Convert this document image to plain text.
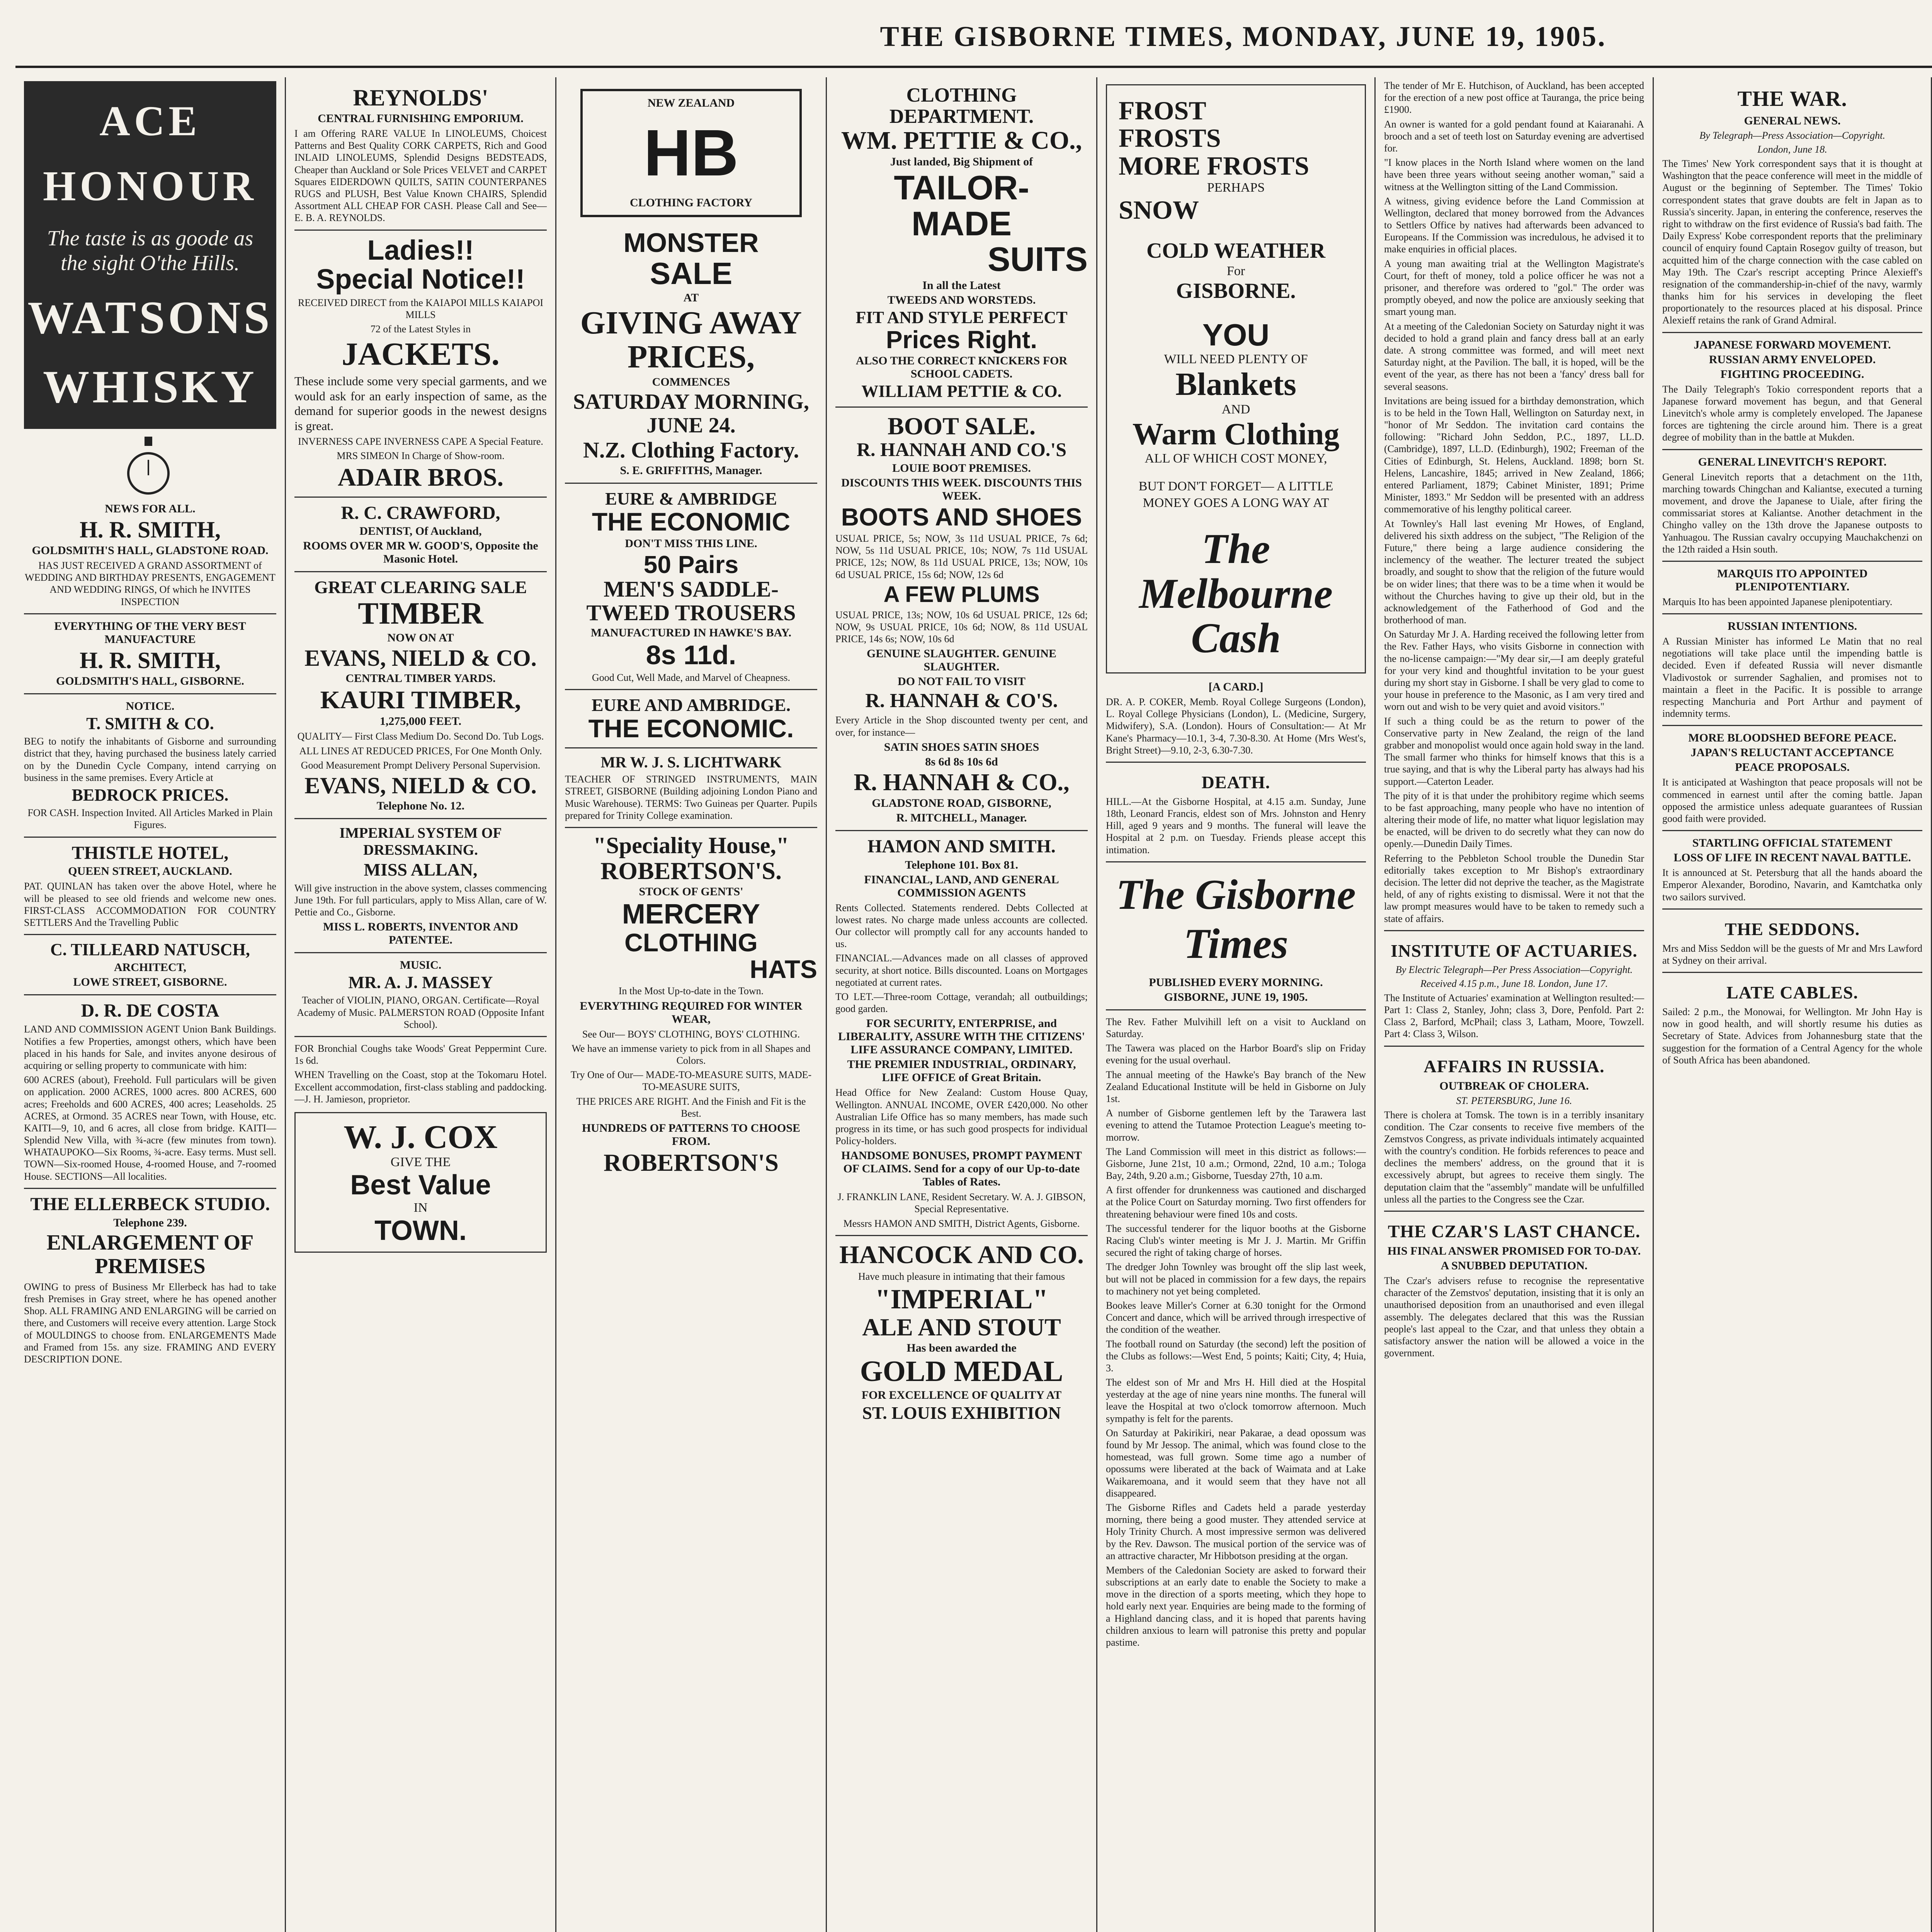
THE GISBORNE TIMES, MONDAY, JUNE 19, 1905.
ACE
HONOUR
The taste is as goode as the sight O'the Hills.
WATSONS
WHISKY
NEWS FOR ALL.
H. R. SMITH,
GOLDSMITH'S HALL, GLADSTONE ROAD.
HAS JUST RECEIVED A GRAND ASSORTMENT of WEDDING AND BIRTHDAY PRESENTS, ENGAGEMENT AND WEDDING RINGS, Of which he INVITES INSPECTION
EVERYTHING OF THE VERY BEST MANUFACTURE
H. R. SMITH,
GOLDSMITH'S HALL, GISBORNE.
NOTICE.
T. SMITH & CO.
BEG to notify the inhabitants of Gisborne and surrounding district that they, having purchased the business lately carried on by the Dunedin Cycle Company, intend carrying on business in the same premises. Every Article at
BEDROCK PRICES.
FOR CASH. Inspection Invited. All Articles Marked in Plain Figures.
THISTLE HOTEL,
QUEEN STREET, AUCKLAND.
PAT. QUINLAN has taken over the above Hotel, where he will be pleased to see old friends and welcome new ones. FIRST-CLASS ACCOMMODATION FOR COUNTRY SETTLERS And the Travelling Public
C. TILLEARD NATUSCH,
ARCHITECT,
LOWE STREET, GISBORNE.
D. R. DE COSTA
LAND AND COMMISSION AGENT Union Bank Buildings. Notifies a few Properties, amongst others, which have been placed in his hands for Sale, and invites anyone desirous of acquiring or selling property to communicate with him:
600 ACRES (about), Freehold. Full particulars will be given on application. 2000 ACRES, 1000 acres. 800 ACRES, 600 acres; Freeholds and 600 ACRES, 400 acres; Leaseholds. 25 ACRES, at Ormond. 35 ACRES near Town, with House, etc. KAITI—9, 10, and 6 acres, all close from bridge. KAITI—Splendid New Villa, with ¾-acre (few minutes from town). WHATAUPOKO—Six Rooms, ¾-acre. Easy terms. Must sell. TOWN—Six-roomed House, 4-roomed House, and 7-roomed House. SECTIONS—All localities.
THE ELLERBECK STUDIO.
Telephone 239.
ENLARGEMENT OF PREMISES
OWING to press of Business Mr Ellerbeck has had to take fresh Premises in Gray street, where he has opened another Shop. ALL FRAMING AND ENLARGING will be carried on there, and Customers will receive every attention. Large Stock of MOULDINGS to choose from. ENLARGEMENTS Made and Framed from 15s. any size. FRAMING AND EVERY DESCRIPTION DONE.
REYNOLDS'
CENTRAL FURNISHING EMPORIUM.
I am Offering RARE VALUE In LINOLEUMS, Choicest Patterns and Best Quality CORK CARPETS, Rich and Good INLAID LINOLEUMS, Splendid Designs BEDSTEADS, Cheaper than Auckland or Sole Prices VELVET and CARPET Squares EIDERDOWN QUILTS, SATIN COUNTERPANES RUGS and PLUSH, Best Value Known CHAIRS, Splendid Assortment ALL CHEAP FOR CASH. Please Call and See— E. B. A. REYNOLDS.
Ladies!!
Special Notice!!
RECEIVED DIRECT from the KAIAPOI MILLS KAIAPOI MILLS
72 of the Latest Styles in
JACKETS.
These include some very special garments, and we would ask for an early inspection of same, as the demand for superior goods in the newest designs is great.
INVERNESS CAPE INVERNESS CAPE A Special Feature.
MRS SIMEON In Charge of Show-room.
ADAIR BROS.
R. C. CRAWFORD,
DENTIST, Of Auckland,
ROOMS OVER MR W. GOOD'S, Opposite the Masonic Hotel.
GREAT CLEARING SALE
TIMBER
NOW ON AT
EVANS, NIELD & CO.
CENTRAL TIMBER YARDS.
KAURI TIMBER,
1,275,000 FEET.
QUALITY— First Class Medium Do. Second Do. Tub Logs.
ALL LINES AT REDUCED PRICES, For One Month Only.
Good Measurement Prompt Delivery Personal Supervision.
EVANS, NIELD & CO.
Telephone No. 12.
IMPERIAL SYSTEM OF DRESSMAKING.
MISS ALLAN,
Will give instruction in the above system, classes commencing June 19th. For full particulars, apply to Miss Allan, care of W. Pettie and Co., Gisborne.
MISS L. ROBERTS, INVENTOR AND PATENTEE.
MUSIC.
MR. A. J. MASSEY
Teacher of VIOLIN, PIANO, ORGAN. Certificate—Royal Academy of Music. PALMERSTON ROAD (Opposite Infant School).
FOR Bronchial Coughs take Woods' Great Peppermint Cure. 1s 6d.
WHEN Travelling on the Coast, stop at the Tokomaru Hotel. Excellent accommodation, first-class stabling and paddocking.—J. H. Jamieson, proprietor.
W. J. COX
GIVE THE
Best Value
IN
TOWN.
NEW ZEALAND
HB
CLOTHING FACTORY
MONSTER
SALE
AT
GIVING AWAY
PRICES,
COMMENCES
SATURDAY MORNING,
JUNE 24.
N.Z. Clothing Factory.
S. E. GRIFFITHS, Manager.
EURE & AMBRIDGE
THE ECONOMIC
DON'T MISS THIS LINE.
50 Pairs
MEN'S SADDLE-
TWEED TROUSERS
MANUFACTURED IN HAWKE'S BAY.
8s 11d.
Good Cut, Well Made, and Marvel of Cheapness.
EURE AND AMBRIDGE.
THE ECONOMIC.
MR W. J. S. LICHTWARK
TEACHER OF STRINGED INSTRUMENTS, MAIN STREET, GISBORNE (Building adjoining London Piano and Music Warehouse). TERMS: Two Guineas per Quarter. Pupils prepared for Trinity College examination.
"Speciality House,"
ROBERTSON'S.
STOCK OF GENTS'
MERCERY
CLOTHING
HATS
In the Most Up-to-date in the Town.
EVERYTHING REQUIRED FOR WINTER WEAR,
See Our— BOYS' CLOTHING, BOYS' CLOTHING.
We have an immense variety to pick from in all Shapes and Colors.
Try One of Our— MADE-TO-MEASURE SUITS, MADE-TO-MEASURE SUITS,
THE PRICES ARE RIGHT. And the Finish and Fit is the Best.
HUNDREDS OF PATTERNS TO CHOOSE FROM.
ROBERTSON'S
CLOTHING DEPARTMENT.
WM. PETTIE & CO.,
Just landed, Big Shipment of
TAILOR-
MADE
SUITS
In all the Latest
TWEEDS AND WORSTEDS.
FIT AND STYLE PERFECT
Prices Right.
ALSO THE CORRECT KNICKERS FOR SCHOOL CADETS.
WILLIAM PETTIE & CO.
BOOT SALE.
R. HANNAH AND CO.'S
LOUIE BOOT PREMISES.
DISCOUNTS THIS WEEK. DISCOUNTS THIS WEEK.
BOOTS AND SHOES
USUAL PRICE, 5s; NOW, 3s 11d USUAL PRICE, 7s 6d; NOW, 5s 11d USUAL PRICE, 10s; NOW, 7s 11d USUAL PRICE, 12s; NOW, 8s 11d USUAL PRICE, 13s; NOW, 10s 6d USUAL PRICE, 15s 6d; NOW, 12s 6d
A FEW PLUMS
USUAL PRICE, 13s; NOW, 10s 6d USUAL PRICE, 12s 6d; NOW, 9s USUAL PRICE, 10s 6d; NOW, 8s 11d USUAL PRICE, 14s 6s; NOW, 10s 6d
GENUINE SLAUGHTER. GENUINE SLAUGHTER.
DO NOT FAIL TO VISIT
R. HANNAH & CO'S.
Every Article in the Shop discounted twenty per cent, and over, for instance—
SATIN SHOES SATIN SHOES
8s 6d 8s 10s 6d
R. HANNAH & CO.,
GLADSTONE ROAD, GISBORNE,
R. MITCHELL, Manager.
HAMON AND SMITH.
Telephone 101. Box 81.
FINANCIAL, LAND, AND GENERAL COMMISSION AGENTS
Rents Collected. Statements rendered. Debts Collected at lowest rates. No charge made unless accounts are collected. Our collector will promptly call for any accounts handed to us.
FINANCIAL.—Advances made on all classes of approved security, at short notice. Bills discounted. Loans on Mortgages negotiated at current rates.
TO LET.—Three-room Cottage, verandah; all outbuildings; good garden.
FOR SECURITY, ENTERPRISE, and LIBERALITY, ASSURE WITH THE CITIZENS' LIFE ASSURANCE COMPANY, LIMITED.
THE PREMIER INDUSTRIAL, ORDINARY, LIFE OFFICE of Great Britain.
Head Office for New Zealand: Custom House Quay, Wellington. ANNUAL INCOME, OVER £420,000. No other Australian Life Office has so many members, has made such progress in its time, or has such good prospects for individual Policy-holders.
HANDSOME BONUSES, PROMPT PAYMENT OF CLAIMS. Send for a copy of our Up-to-date Tables of Rates.
J. FRANKLIN LANE, Resident Secretary. W. A. J. GIBSON, Special Representative.
Messrs HAMON AND SMITH, District Agents, Gisborne.
HANCOCK AND CO.
Have much pleasure in intimating that their famous
"IMPERIAL"
ALE AND STOUT
Has been awarded the
GOLD MEDAL
FOR EXCELLENCE OF QUALITY AT
ST. LOUIS EXHIBITION
FROST
FROSTS
MORE FROSTS
PERHAPS
SNOW
COLD WEATHER
For
GISBORNE.
YOU
WILL NEED PLENTY OF
Blankets
AND
Warm Clothing
ALL OF WHICH COST MONEY,
BUT DON'T FORGET— A LITTLE MONEY GOES A LONG WAY AT
The
Melbourne
Cash
[A CARD.]
DR. A. P. COKER, Memb. Royal College Surgeons (London), L. Royal College Physicians (London), L. (Medicine, Surgery, Midwifery), S.A. (London). Hours of Consultation:— At Mr Kane's Pharmacy—10.1, 3-4, 7.30-8.30. At Home (Mrs West's, Bright Street)—9.10, 2-3, 6.30-7.30.
DEATH.
HILL.—At the Gisborne Hospital, at 4.15 a.m. Sunday, June 18th, Leonard Francis, eldest son of Mrs. Johnston and Henry Hill, aged 9 years and 9 months. The funeral will leave the Hospital at 2 p.m. on Tuesday. Friends please accept this intimation.
The Gisborne Times
PUBLISHED EVERY MORNING.
GISBORNE, JUNE 19, 1905.
The Rev. Father Mulvihill left on a visit to Auckland on Saturday.
The Tawera was placed on the Harbor Board's slip on Friday evening for the usual overhaul.
The annual meeting of the Hawke's Bay branch of the New Zealand Educational Institute will be held in Gisborne on July 1st.
A number of Gisborne gentlemen left by the Tarawera last evening to attend the Tutamoe Protection League's meeting to-morrow.
The Land Commission will meet in this district as follows:—Gisborne, June 21st, 10 a.m.; Ormond, 22nd, 10 a.m.; Tologa Bay, 24th, 9.20 a.m.; Gisborne, Tuesday 27th, 10 a.m.
A first offender for drunkenness was cautioned and discharged at the Police Court on Saturday morning. Two first offenders for threatening behaviour were fined 10s and costs.
The successful tenderer for the liquor booths at the Gisborne Racing Club's winter meeting is Mr J. J. Martin. Mr Griffin secured the right of taking charge of horses.
The dredger John Townley was brought off the slip last week, but will not be placed in commission for a few days, the repairs to machinery not yet being completed.
Bookes leave Miller's Corner at 6.30 tonight for the Ormond Concert and dance, which will be arrived through irrespective of the condition of the weather.
The football round on Saturday (the second) left the position of the Clubs as follows:—West End, 5 points; Kaiti; City, 4; Huia, 3.
The eldest son of Mr and Mrs H. Hill died at the Hospital yesterday at the age of nine years nine months. The funeral will leave the Hospital at two o'clock tomorrow afternoon. Much sympathy is felt for the parents.
On Saturday at Pakirikiri, near Pakarae, a dead opossum was found by Mr Jessop. The animal, which was found close to the homestead, was full grown. Some time ago a number of opossums were liberated at the back of Waimata and at Lake Waikaremoana, and it would seem that they have not all disappeared.
The Gisborne Rifles and Cadets held a parade yesterday morning, there being a good muster. They attended service at Holy Trinity Church. A most impressive sermon was delivered by the Rev. Dawson. The musical portion of the service was of an attractive character, Mr Hibbotson presiding at the organ.
Members of the Caledonian Society are asked to forward their subscriptions at an early date to enable the Society to make a move in the direction of a sports meeting, which they hope to hold early next year. Enquiries are being made to the forming of a Highland dancing class, and it is hoped that parents having children anxious to learn will patronise this pretty and popular pastime.
The tender of Mr E. Hutchison, of Auckland, has been accepted for the erection of a new post office at Tauranga, the price being £1900.
An owner is wanted for a gold pendant found at Kaiaranahi. A brooch and a set of teeth lost on Saturday evening are advertised for.
"I know places in the North Island where women on the land have been three years without seeing another woman," said a witness at the Wellington sitting of the Land Commission.
A witness, giving evidence before the Land Commission at Wellington, declared that money borrowed from the Advances to Settlers Office by natives had afterwards been advanced to Europeans. If the Commission was incredulous, he advised it to make enquiries in official places.
A young man awaiting trial at the Wellington Magistrate's Court, for theft of money, told a police officer he was not a prisoner, and therefore was ordered to "gol." The order was promptly obeyed, and now the police are anxiously seeking that smart young man.
At a meeting of the Caledonian Society on Saturday night it was decided to hold a grand plain and fancy dress ball at an early date. A strong committee was formed, and will meet next Saturday night, at the Pavilion. The ball, it is hoped, will be the event of the year, as there has not been a 'fancy' dress ball for several seasons.
Invitations are being issued for a birthday demonstration, which is to be held in the Town Hall, Wellington on Saturday next, in "honor of Mr Seddon. The invitation card contains the following: "Richard John Seddon, P.C., 1897, LL.D. (Cambridge), 1897, LL.D. (Edinburgh), 1902; Freeman of the Cities of Edinburgh, St. Helens, Auckland. 1898; born St. Helens, Lancashire, 1845; arrived in New Zealand, 1866; entered Parliament, 1879; Cabinet Minister, 1891; Prime Minister, 1893." Mr Seddon will be presented with an address commemorative of his lengthy political career.
At Townley's Hall last evening Mr Howes, of England, delivered his sixth address on the subject, "The Religion of the Future," there being a large audience considering the inclemency of the weather. The lecturer treated the subject broadly, and sought to show that the religion of the future would be on wider lines; that there was to be a time when it would be without the Churches having to give up their old, but in the acknowledgement of the Fatherhood of God and the brotherhood of man.
On Saturday Mr J. A. Harding received the following letter from the Rev. Father Hays, who visits Gisborne in connection with the no-license campaign:—"My dear sir,—I am deeply grateful for your very kind and thoughtful invitation to be your guest during my short stay in Gisborne. I shall be very glad to come to your house in preference to the Masonic, as I am very tired and worn out and wish to be very quiet and avoid visitors."
If such a thing could be as the return to power of the Conservative party in New Zealand, the reign of the land grabber and monopolist would once again hold sway in the land. The small farmer who thinks for himself knows that this is a true saying, and that is why the Liberal party has always had his support.—Caterton Leader.
The pity of it is that under the prohibitory regime which seems to be fast approaching, many people who have no intention of altering their mode of life, no matter what liquor legislation may be enacted, will be driven to do secretly what they can now do openly.—Dunedin Daily Times.
Referring to the Pebbleton School trouble the Dunedin Star editorially takes exception to Mr Bishop's extraordinary decision. The letter did not deprive the teacher, as the Magistrate held, of any of rights existing to dismissal. Were it not that the law prompt measures would have to be taken to remedy such a state of affairs.
INSTITUTE OF ACTUARIES.
By Electric Telegraph—Per Press Association—Copyright.
Received 4.15 p.m., June 18. London, June 17.
The Institute of Actuaries' examination at Wellington resulted:— Part 1: Class 2, Stanley, John; class 3, Dore, Penfold. Part 2: Class 2, Barford, McPhail; class 3, Latham, Moore, Towzell. Part 4: Class 3, Wilson.
AFFAIRS IN RUSSIA.
OUTBREAK OF CHOLERA.
ST. PETERSBURG, June 16.
There is cholera at Tomsk. The town is in a terribly insanitary condition. The Czar consents to receive five members of the Zemstvos Congress, as private individuals intimately acquainted with the country's condition. He forbids references to peace and declines the members' address, on the ground that it is excessively abrupt, but agrees to receive them singly. The deputation claim that the "assembly" mandate will be unfulfilled unless all the parties to the Congress see the Czar.
THE CZAR'S LAST CHANCE.
HIS FINAL ANSWER PROMISED FOR TO-DAY.
A SNUBBED DEPUTATION.
The Czar's advisers refuse to recognise the representative character of the Zemstvos' deputation, insisting that it is only an unauthorised deposition from an unauthorised and even illegal assembly. The delegates declared that this was the Russian people's last appeal to the Czar, and that unless they obtain a satisfactory answer the nation will be allowed a voice in the government.
THE WAR.
GENERAL NEWS.
By Telegraph—Press Association—Copyright.
London, June 18.
The Times' New York correspondent says that it is thought at Washington that the peace conference will meet in the middle of August or the beginning of September. The Times' Tokio correspondent states that grave doubts are felt in Japan as to Russia's sincerity. Japan, in entering the conference, reserves the right to withdraw on the first evidence of Russia's bad faith. The Daily Express' Kobe correspondent reports that the preliminary council of enquiry found Captain Rosegov guilty of treason, but acquitted him of the charge connection with the case cabled on May 19th. The Czar's rescript accepting Prince Alexieff's resignation of the commandership-in-chief of the navy, warmly thanks him for his services in developing the fleet proportionately to the resources placed at his disposal. Prince Alexieff retains the rank of Grand Admiral.
JAPANESE FORWARD MOVEMENT.
RUSSIAN ARMY ENVELOPED.
FIGHTING PROCEEDING.
The Daily Telegraph's Tokio correspondent reports that a Japanese forward movement has begun, and that General Linevitch's whole army is completely enveloped. The Japanese forces are tightening the circle around him. There is a great degree of mobility than in the battle at Mukden.
GENERAL LINEVITCH'S REPORT.
General Linevitch reports that a detachment on the 11th, marching towards Chingchan and Kaliantse, executed a turning movement, and drove the Japanese to Uiale, after firing the commissariat stores at Kaliantse. Another detachment in the Chingho valley on the 13th drove the Japanese outposts to Yanhuagou. The Russian cavalry occupying Mauchakchenzi on the 12th raided a Hsin south.
MARQUIS ITO APPOINTED PLENIPOTENTIARY.
Marquis Ito has been appointed Japanese plenipotentiary.
RUSSIAN INTENTIONS.
A Russian Minister has informed Le Matin that no real negotiations will take place until the impending battle is decided. Even if defeated Russia will never dismantle Vladivostok or surrender Saghalien, and promises not to maintain a fleet in the Pacific. It is possible to arrange respecting Manchuria and Port Arthur and payment of indemnity terms.
MORE BLOODSHED BEFORE PEACE.
JAPAN'S RELUCTANT ACCEPTANCE
PEACE PROPOSALS.
It is anticipated at Washington that peace proposals will not be commenced in earnest until after the coming battle. Japan opposed the armistice unless adequate guarantees of Russian good faith were provided.
STARTLING OFFICIAL STATEMENT
LOSS OF LIFE IN RECENT NAVAL BATTLE.
It is announced at St. Petersburg that all the hands aboard the Emperor Alexander, Borodino, Navarin, and Kamtchatka only two sailors survived.
THE SEDDONS.
Mrs and Miss Seddon will be the guests of Mr and Mrs Lawford at Sydney on their arrival.
LATE CABLES.
Sailed: 2 p.m., the Monowai, for Wellington. Mr John Hay is now in good health, and will shortly resume his duties as Secretary of State. Advices from Johannesburg state that the suggestion for the formation of a Central Agency for the whole of South Africa has been abandoned.
